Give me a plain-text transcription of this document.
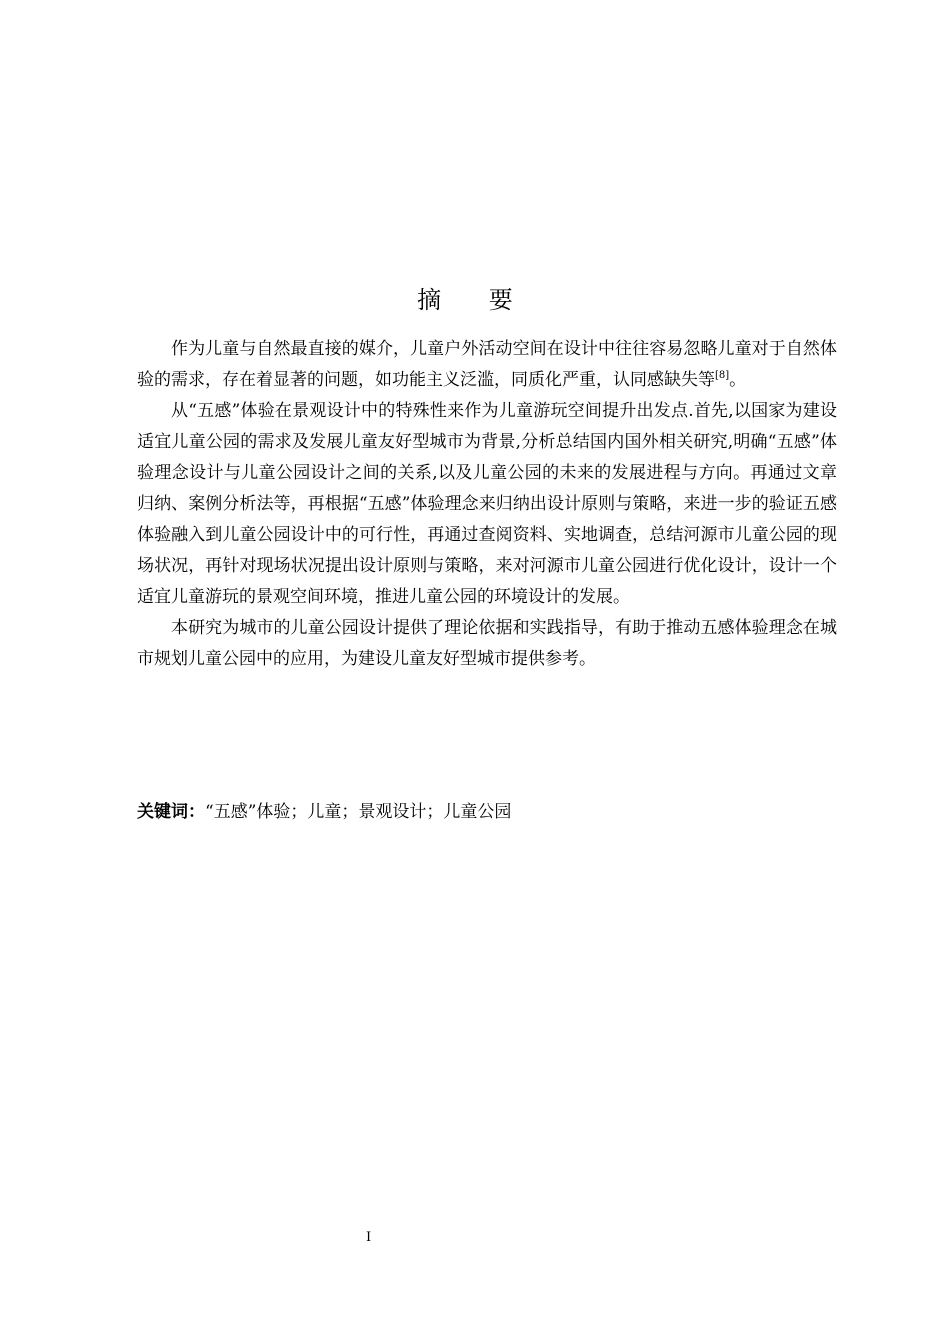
摘 要

作为儿童与自然最直接的媒介，儿童户外活动空间在设计中往往容易忽略儿童对于自然体验的需求，存在着显著的问题，如功能主义泛滥，同质化严重，认同感缺失等[8]。

从“五感”体验在景观设计中的特殊性来作为儿童游玩空间提升出发点.首先,以国家为建设适宜儿童公园的需求及发展儿童友好型城市为背景,分析总结国内国外相关研究,明确“五感”体验理念设计与儿童公园设计之间的关系,以及儿童公园的未来的发展进程与方向。再通过文章归纳、案例分析法等，再根据“五感”体验理念来归纳出设计原则与策略，来进一步的验证五感体验融入到儿童公园设计中的可行性，再通过查阅资料、实地调查，总结河源市儿童公园的现场状况，再针对现场状况提出设计原则与策略，来对河源市儿童公园进行优化设计，设计一个适宜儿童游玩的景观空间环境，推进儿童公园的环境设计的发展。

本研究为城市的儿童公园设计提供了理论依据和实践指导，有助于推动五感体验理念在城市规划儿童公园中的应用，为建设儿童友好型城市提供参考。

关键词：“五感”体验；儿童；景观设计；儿童公园
I
